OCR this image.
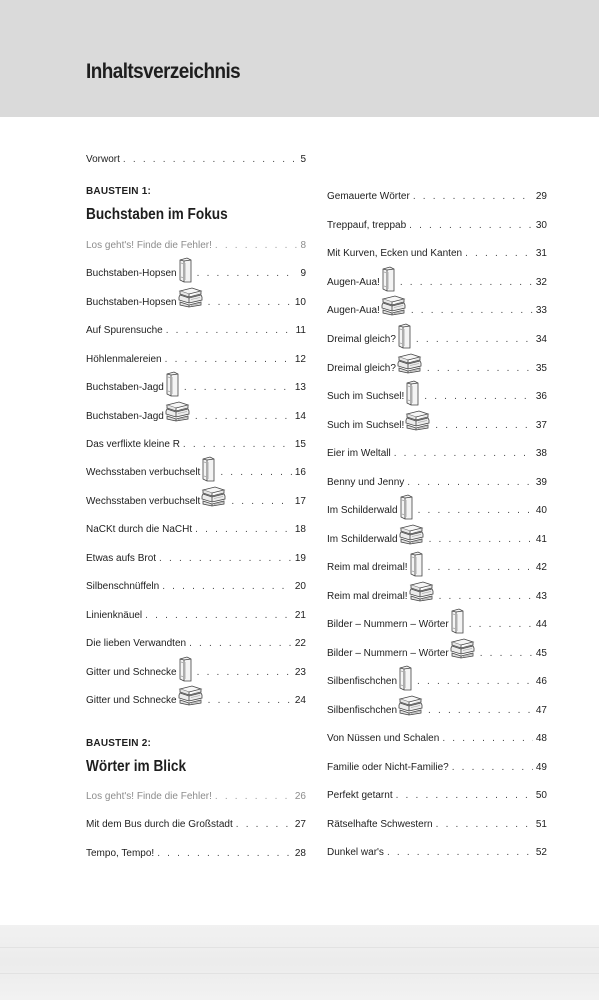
Inhaltsverzeichnis
Vorwort . . .	5
BAUSTEIN 1:
Buchstaben im Fokus
Los geht's! Finde die Fehler! . . .	8
Buchstaben-Hopsen . . .	9
Buchstaben-Hopsen . . .	10
Auf Spurensuche . . .	11
Höhlenmalereien . . .	12
Buchstaben-Jagd . . .	13
Buchstaben-Jagd . . .	14
Das verflixte kleine R . . .	15
Wechsstaben verbuchselt . . .	16
Wechsstaben verbuchselt . . .	17
NaCKt durch die NaCHt . . .	18
Etwas aufs Brot . . .	19
Silbenschnüffeln . . .	20
Linienknäuel . . .	21
Die lieben Verwandten . . .	22
Gitter und Schnecke . . .	23
Gitter und Schnecke . . .	24
BAUSTEIN 2:
Wörter im Blick
Los geht's! Finde die Fehler! . . .	26
Mit dem Bus durch die Großstadt . . .	27
Tempo, Tempo! . . .	28
Gemauerte Wörter . . .	29
Treppauf, treppab . . .	30
Mit Kurven, Ecken und Kanten . . .	31
Augen-Aua! . . .	32
Augen-Aua! . . .	33
Dreimal gleich? . . .	34
Dreimal gleich? . . .	35
Such im Suchsel! . . .	36
Such im Suchsel! . . .	37
Eier im Weltall . . .	38
Benny und Jenny . . .	39
Im Schilderwald . . .	40
Im Schilderwald . . .	41
Reim mal dreimal! . . .	42
Reim mal dreimal! . . .	43
Bilder – Nummern – Wörter . . .	44
Bilder – Nummern – Wörter . . .	45
Silbenfischchen . . .	46
Silbenfischchen . . .	47
Von Nüssen und Schalen . . .	48
Familie oder Nicht-Familie? . . .	49
Perfekt getarnt . . .	50
Rätselhafte Schwestern . . .	51
Dunkel war's . . .	52
